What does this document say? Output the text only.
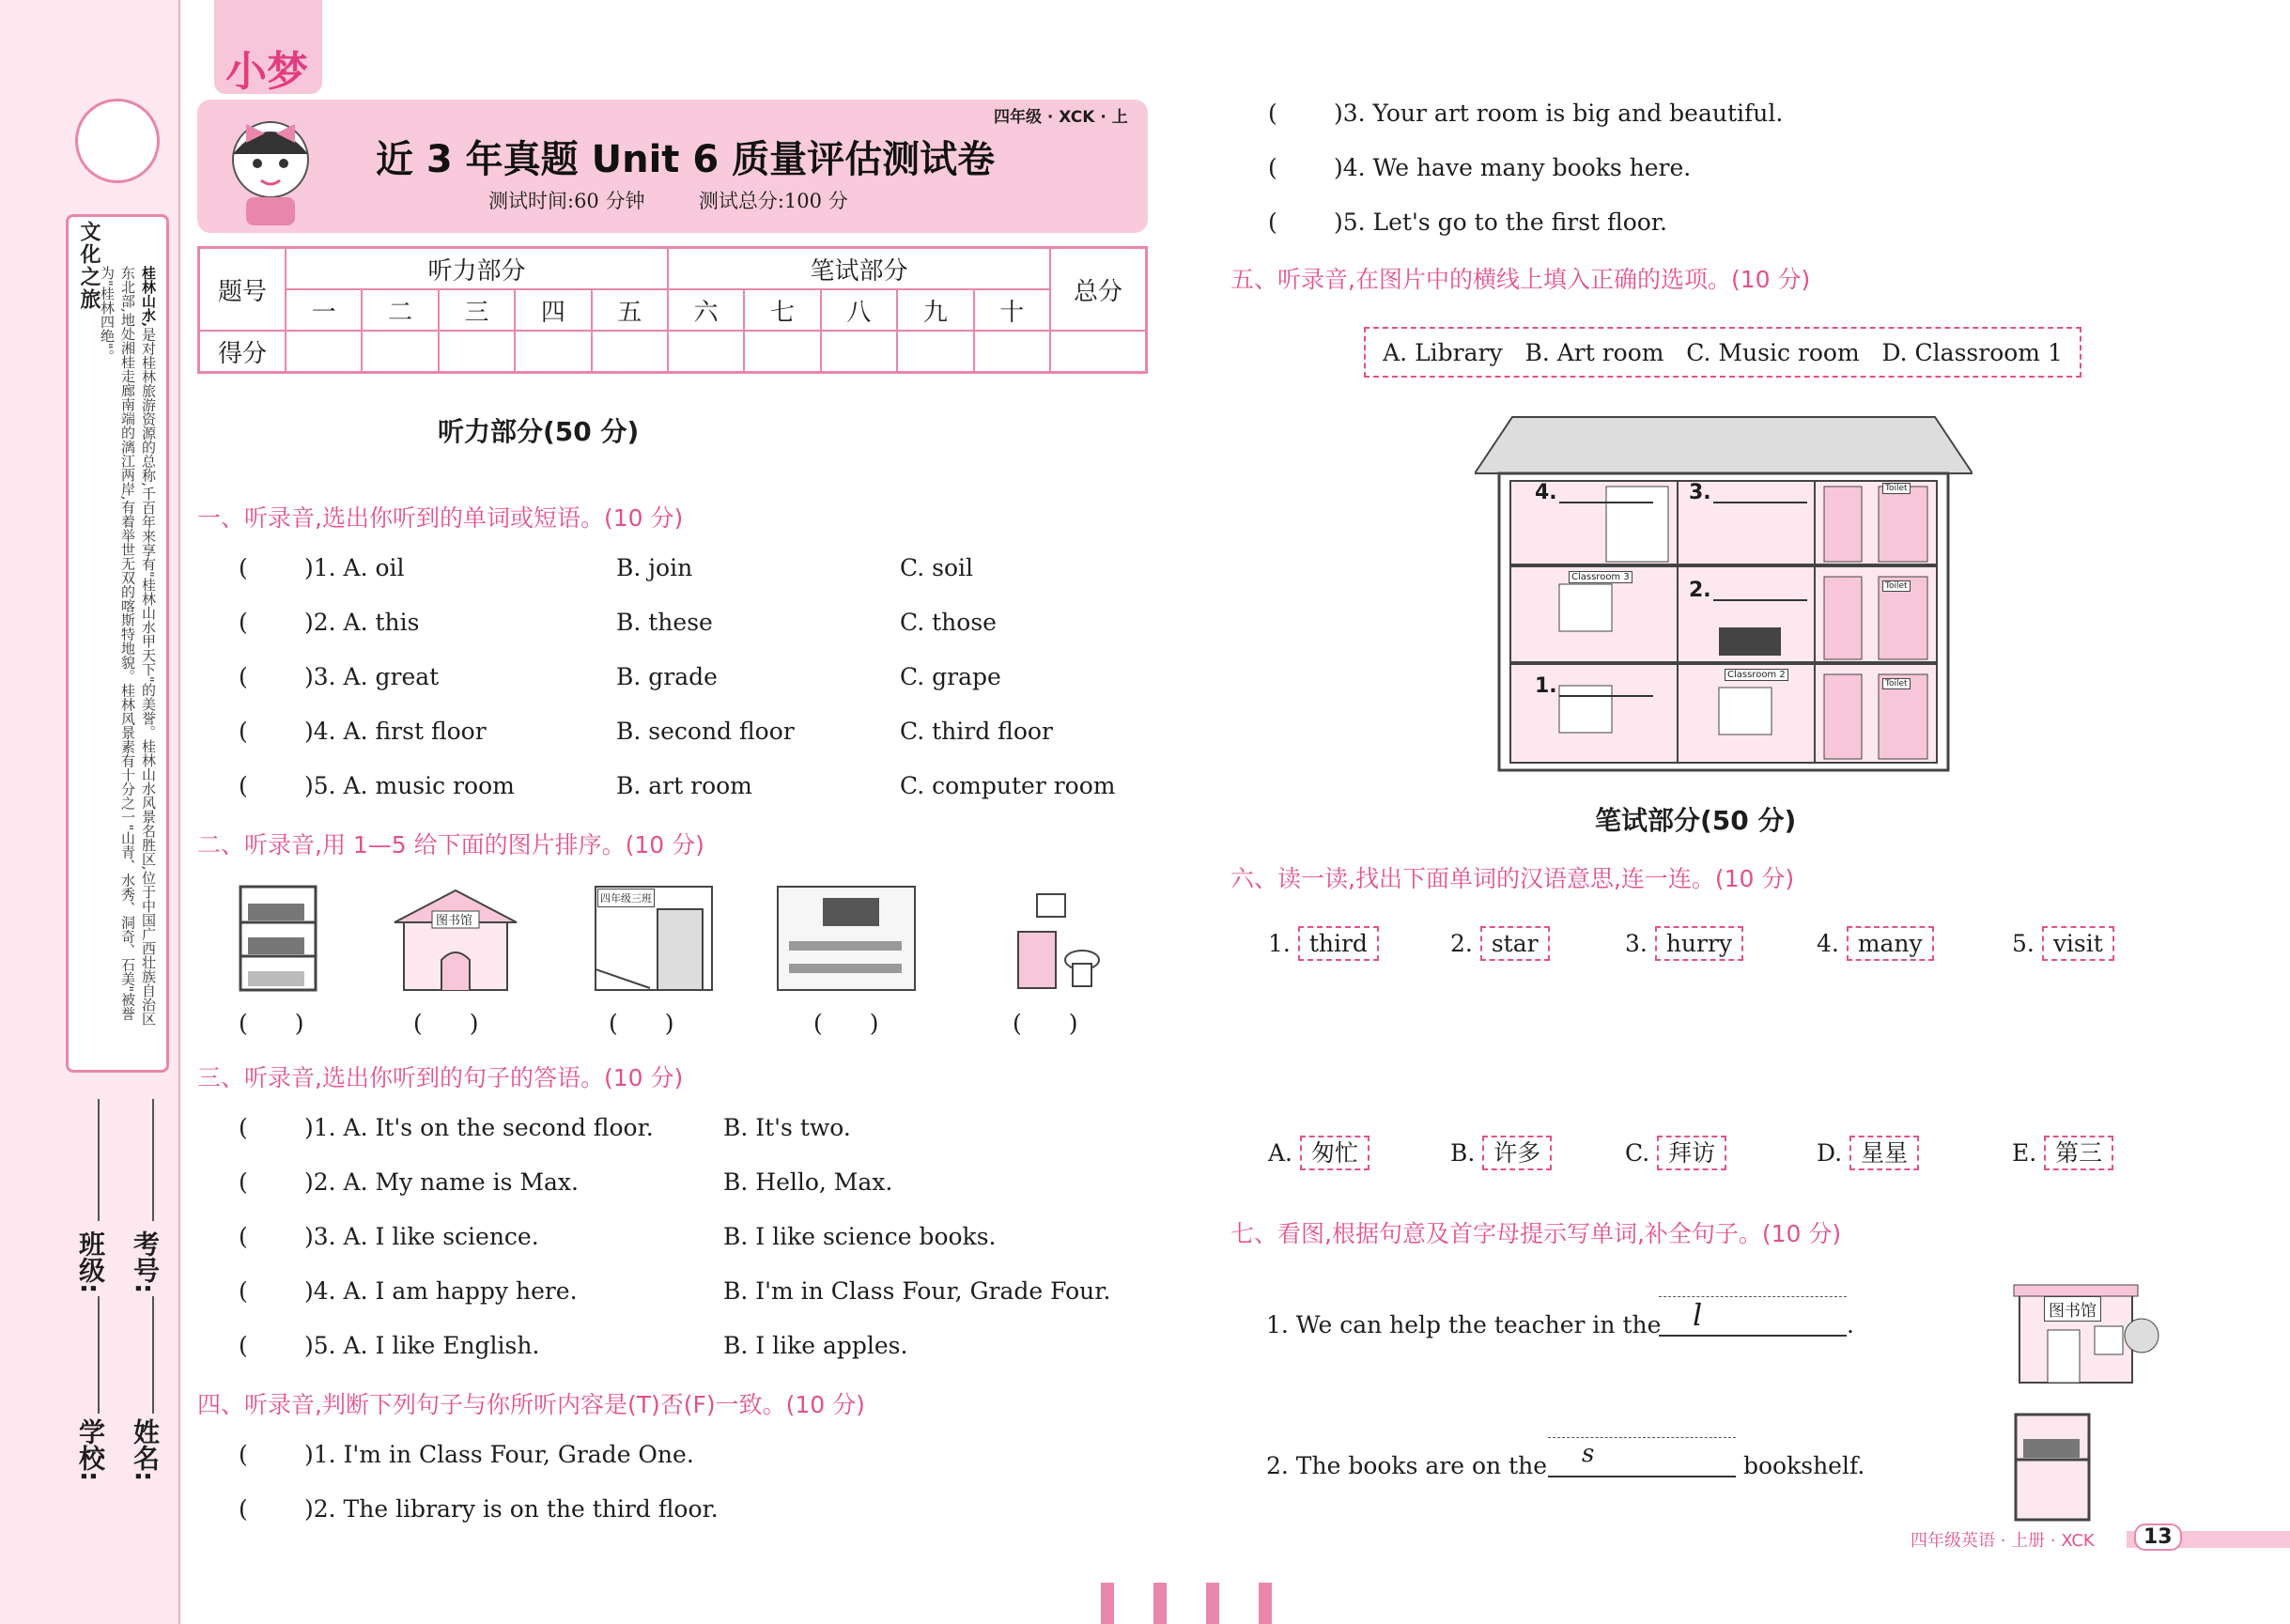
文化之旅	桂林山水,是对桂林旅游资源的总称,千百年来享有"桂林山水甲天下"的美誉。桂林山水风景名胜区,位于中国广西壮族自治区东北部,地处湘桂走廊南端的漓江两岸,有着举世无双的喀斯特地貌。桂林风景素有十分之一"山青、水秀、洞奇、石美"被誉为"桂林四绝"。
班级: 考号:
学校: 姓名:
小梦
四年级 · XCK · 上
近 3 年真题 Unit 6 质量评估测试卷
测试时间:60 分钟	测试总分:100 分
题号	听力部分					笔试部分					总分
	一	二	三	四	五	六	七	八	九	十	
得分											
听力部分(50 分)
一、听录音,选出你听到的单词或短语。(10 分)
( )1. A. oil	B. join	C. soil
( )2. A. this	B. these	C. those
( )3. A. great	B. grade	C. grape
( )4. A. first floor	B. second floor	C. third floor
( )5. A. music room	B. art room	C. computer room
二、听录音,用 1—5 给下面的图片排序。(10 分)
图书馆
四年级三班
(　　)	(　　)	(　　)	(　　)	(　　)
三、听录音,选出你听到的句子的答语。(10 分)
( )1. A. It's on the second floor.	B. It's two.
( )2. A. My name is Max.	B. Hello, Max.
( )3. A. I like science.	B. I like science books.
( )4. A. I am happy here.	B. I'm in Class Four, Grade Four.
( )5. A. I like English.	B. I like apples.
四、听录音,判断下列句子与你所听内容是(T)否(F)一致。(10 分)
( )1. I'm in Class Four, Grade One.
( )2. The library is on the third floor.
( )3. Your art room is big and beautiful.
( )4. We have many books here.
( )5. Let's go to the first floor.
五、听录音,在图片中的横线上填入正确的选项。(10 分)
A. Library   B. Art room   C. Music room   D. Classroom 1
4.	3.
Classroom 3
2.
1.	Classroom 2
Toilet
Toilet
Toilet
笔试部分(50 分)
六、读一读,找出下面单词的汉语意思,连一连。(10 分)
1. third	2. star	3. hurry	4. many	5. visit
A. 匆忙	B. 许多	C. 拜访	D. 星星	E. 第三
七、看图,根据句意及首字母提示写单词,补全句子。(10 分)
1. We can help the teacher in the l	.	图书馆
2. The books are on the s	bookshelf.
四年级英语 · 上册 · XCK	13
